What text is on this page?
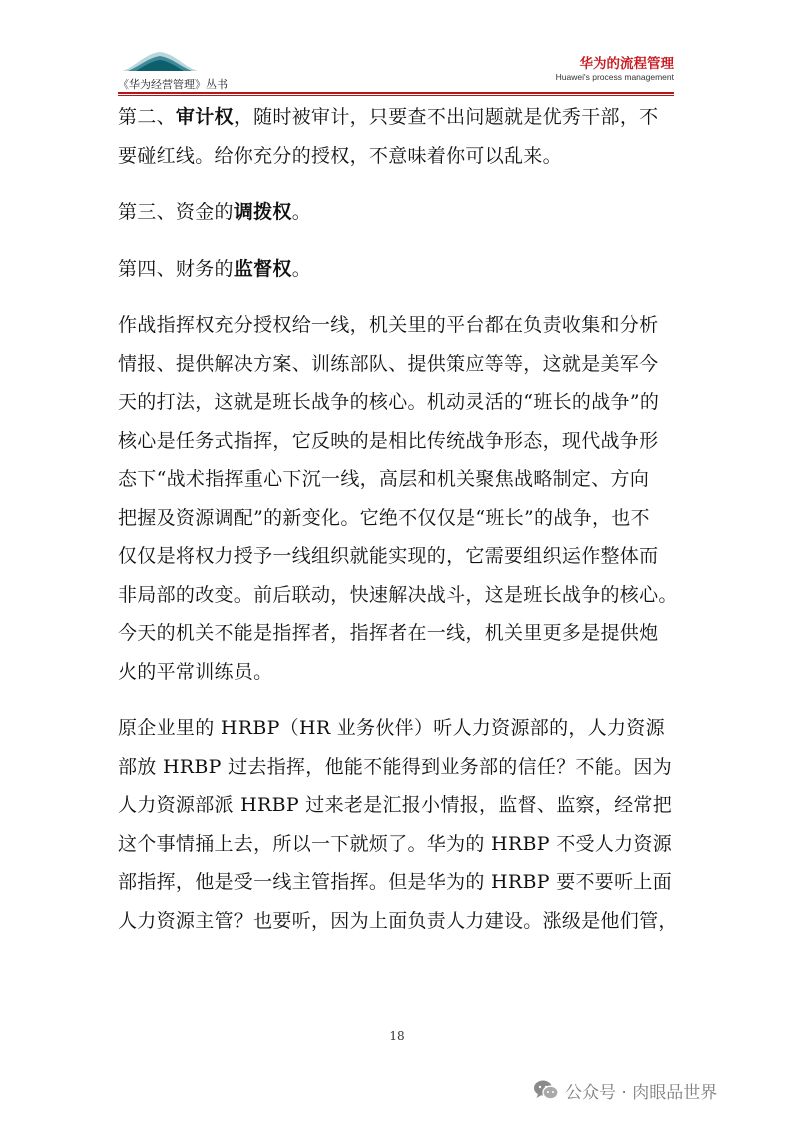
《华为经营管理》丛书
华为的流程管理
Huawei's process management
第二、审计权，随时被审计，只要查不出问题就是优秀干部，不
要碰红线。给你充分的授权，不意味着你可以乱来。
第三、资金的调拨权。
第四、财务的监督权。
作战指挥权充分授权给一线，机关里的平台都在负责收集和分析
情报、提供解决方案、训练部队、提供策应等等，这就是美军今
天的打法，这就是班长战争的核心。机动灵活的“班长的战争”的
核心是任务式指挥，它反映的是相比传统战争形态，现代战争形
态下“战术指挥重心下沉一线，高层和机关聚焦战略制定、方向
把握及资源调配”的新变化。它绝不仅仅是“班长”的战争，也不
仅仅是将权力授予一线组织就能实现的，它需要组织运作整体而
非局部的改变。前后联动，快速解决战斗，这是班长战争的核心。
今天的机关不能是指挥者，指挥者在一线，机关里更多是提供炮
火的平常训练员。
原企业里的 HRBP（HR 业务伙伴）听人力资源部的，人力资源
部放 HRBP 过去指挥，他能不能得到业务部的信任？不能。因为
人力资源部派 HRBP 过来老是汇报小情报，监督、监察，经常把
这个事情捅上去，所以一下就烦了。华为的 HRBP 不受人力资源
部指挥，他是受一线主管指挥。但是华为的 HRBP 要不要听上面
人力资源主管？也要听，因为上面负责人力建设。涨级是他们管，
18
公众号 · 肉眼品世界
